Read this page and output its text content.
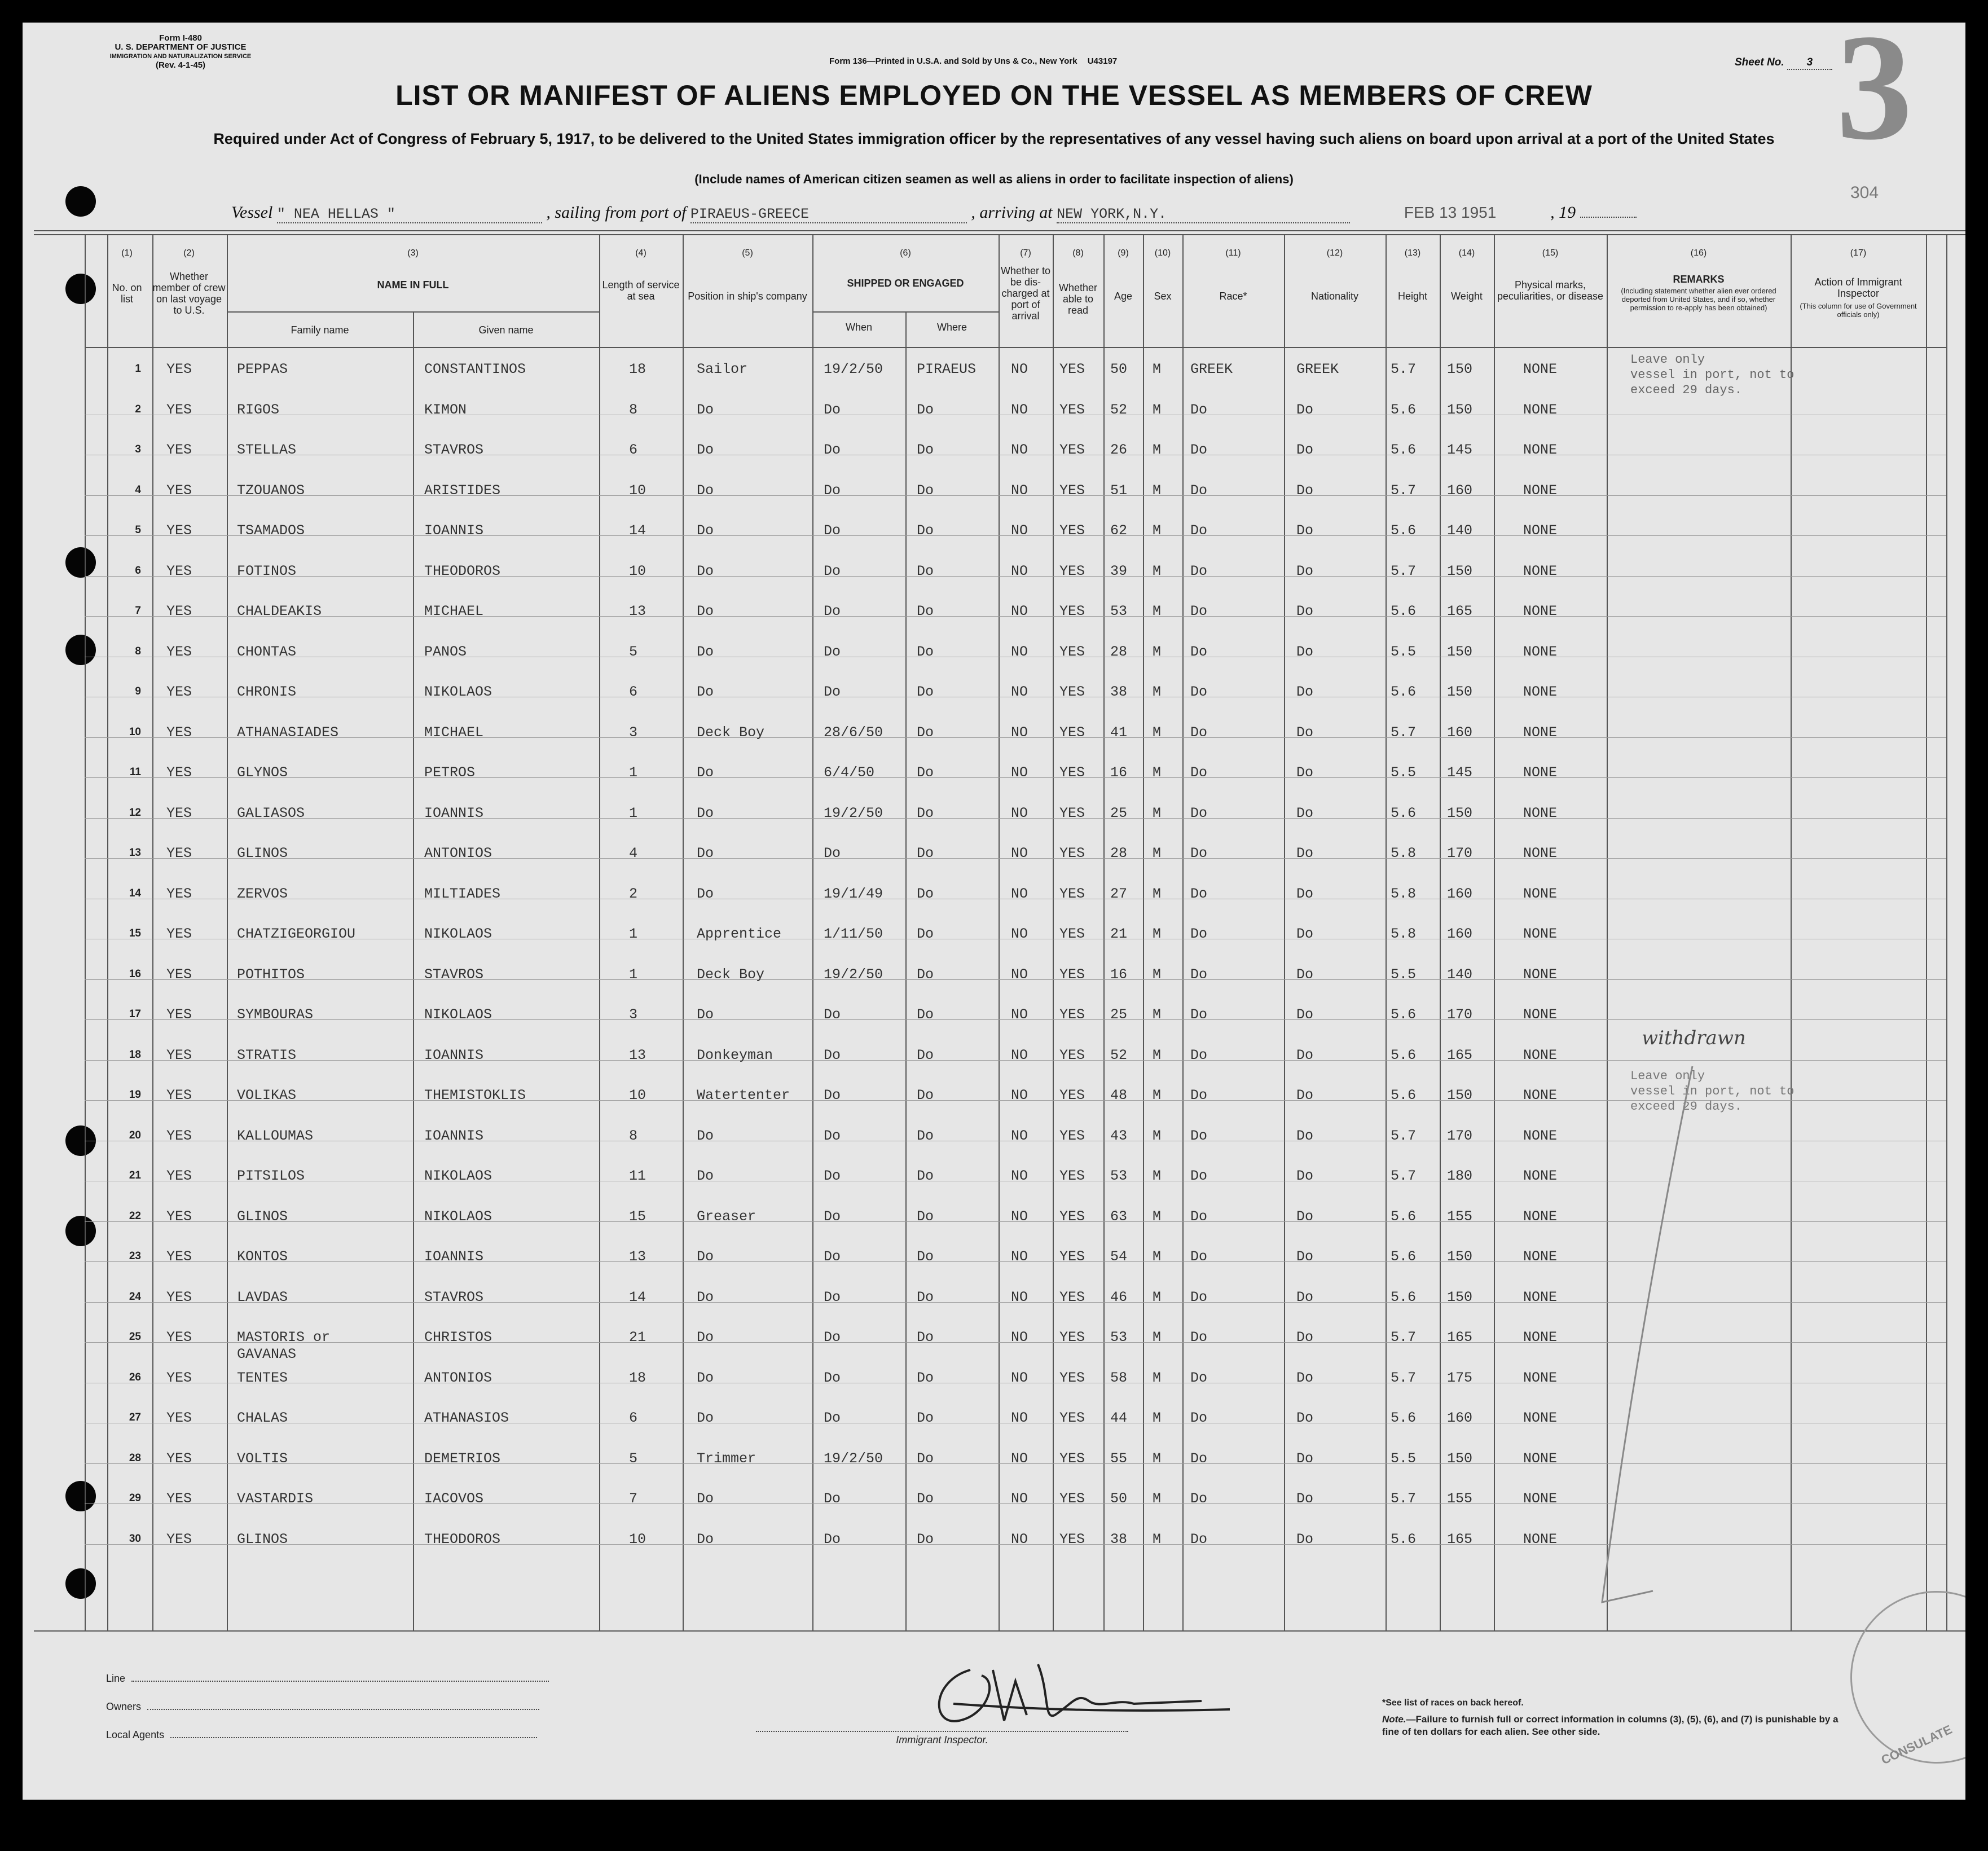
Form I-480
U. S. DEPARTMENT OF JUSTICE
IMMIGRATION AND NATURALIZATION SERVICE
(Rev. 4-1-45)	Form 136—Printed in U.S.A. and Sold by Uns & Co., New York U43197	Sheet No. 3 3
LIST OR MANIFEST OF ALIENS EMPLOYED ON THE VESSEL AS MEMBERS OF CREW
Required under Act of Congress of February 5, 1917, to be delivered to the United States immigration officer by the representatives of any vessel having such aliens on board upon arrival at a port of the United States
(Include names of American citizen seamen as well as aliens in order to facilitate inspection of aliens)
Vessel " NEA HELLAS "	, sailing from port of PIRAEUS-GREECE	, arriving at NEW YORK,N.Y.	FEB 13 1951	, 19
304
(1)
No. on list
(2)
Whether member of crew on last voyage to U.S.
(3)
NAME IN FULL
Family name	Given name
(4)
Length of service at sea
(5)
Position in ship's company
(6)
SHIPPED OR ENGAGED
When	Where
(7)
Whether to be dis-charged at port of arrival
(8)
Whether able to read
(9)
Age
(10)
Sex
(11)
Race*
(12)
Nationality
(13)
Height
(14)
Weight
(15)
Physical marks, peculiarities, or disease
(16)
REMARKS
(Including statement whether alien ever ordered deported from United States, and if so, whether permission to re-apply has been obtained)
(17)
Action of Immigrant Inspector
(This column for use of Government officials only)
1 YES	PEPPAS	CONSTANTINOS	18	Sailor	19/2/50 PIRAEUS NO YES 50 M GREEK	GREEK	5.7 150	NONE
2 YES	RIGOS	KIMON	8	Do	Do	Do	NO YES 52 M Do	Do	5.6 150	NONE
3 YES	STELLAS	STAVROS	6	Do	Do	Do	NO YES 26 M Do	Do	5.6 145	NONE
4 YES	TZOUANOS	ARISTIDES	10	Do	Do	Do	NO YES 51 M Do	Do	5.7 160	NONE
5 YES	TSAMADOS	IOANNIS	14	Do	Do	Do	NO YES 62 M Do	Do	5.6 140	NONE
6 YES	FOTINOS	THEODOROS	10	Do	Do	Do	NO YES 39 M Do	Do	5.7 150	NONE
7 YES	CHALDEAKIS	MICHAEL	13	Do	Do	Do	NO YES 53 M Do	Do	5.6 165	NONE
8 YES	CHONTAS	PANOS	5	Do	Do	Do	NO YES 28 M Do	Do	5.5 150	NONE
9 YES	CHRONIS	NIKOLAOS	6	Do	Do	Do	NO YES 38 M Do	Do	5.6 150	NONE
10 YES	ATHANASIADES	MICHAEL	3	Deck Boy	28/6/50 Do	NO YES 41 M Do	Do	5.7 160	NONE
11 YES	GLYNOS	PETROS	1	Do	6/4/50	Do	NO YES 16 M Do	Do	5.5 145	NONE
12 YES	GALIASOS	IOANNIS	1	Do	19/2/50 Do	NO YES 25 M Do	Do	5.6 150	NONE
13 YES	GLINOS	ANTONIOS	4	Do	Do	Do	NO YES 28 M Do	Do	5.8 170	NONE
14 YES	ZERVOS	MILTIADES	2	Do	19/1/49 Do	NO YES 27 M Do	Do	5.8 160	NONE
15 YES	CHATZIGEORGIOU	NIKOLAOS	1	Apprentice	1/11/50 Do	NO YES 21 M Do	Do	5.8 160	NONE
16 YES	POTHITOS	STAVROS	1	Deck Boy	19/2/50 Do	NO YES 16 M Do	Do	5.5 140	NONE
17 YES	SYMBOURAS	NIKOLAOS	3	Do	Do	Do	NO YES 25 M Do	Do	5.6 170	NONE
18 YES	STRATIS	IOANNIS	13	Donkeyman	Do	Do	NO YES 52 M Do	Do	5.6 165	NONE
19 YES	VOLIKAS	THEMISTOKLIS	10	Watertenter Do	Do	NO YES 48 M Do	Do	5.6 150	NONE
20 YES	KALLOUMAS	IOANNIS	8	Do	Do	Do	NO YES 43 M Do	Do	5.7 170	NONE
21 YES	PITSILOS	NIKOLAOS	11	Do	Do	Do	NO YES 53 M Do	Do	5.7 180	NONE
22 YES	GLINOS	NIKOLAOS	15	Greaser	Do	Do	NO YES 63 M Do	Do	5.6 155	NONE
23 YES	KONTOS	IOANNIS	13	Do	Do	Do	NO YES 54 M Do	Do	5.6 150	NONE
24 YES	LAVDAS	STAVROS	14	Do	Do	Do	NO YES 46 M Do	Do	5.6 150	NONE
25 YES	MASTORIS or	CHRISTOS	21	Do	Do	Do	NO YES 53 M Do	Do	5.7 165	NONE
GAVANAS
26 YES	TENTES	ANTONIOS	18	Do	Do	Do	NO YES 58 M Do	Do	5.7 175	NONE
27 YES	CHALAS	ATHANASIOS	6	Do	Do	Do	NO YES 44 M Do	Do	5.6 160	NONE
28 YES	VOLTIS	DEMETRIOS	5	Trimmer	19/2/50 Do	NO YES 55 M Do	Do	5.5 150	NONE
29 YES	VASTARDIS	IACOVOS	7	Do	Do	Do	NO YES 50 M Do	Do	5.7 155	NONE
30 YES	GLINOS	THEODOROS	10	Do	Do	Do	NO YES 38 M Do	Do	5.6 165	NONE
Leave only
vessel in port, not to
exceed 29 days.
withdrawn
Leave only
vessel in port, not to
exceed 29 days.
Line
Owners
Local Agents	Immigrant Inspector.
*See list of races on back hereof.
Note.—Failure to furnish full or correct information in columns (3), (5), (6), and (7) is punishable by a fine of ten dollars for each alien. See other side.	CONSULATE
